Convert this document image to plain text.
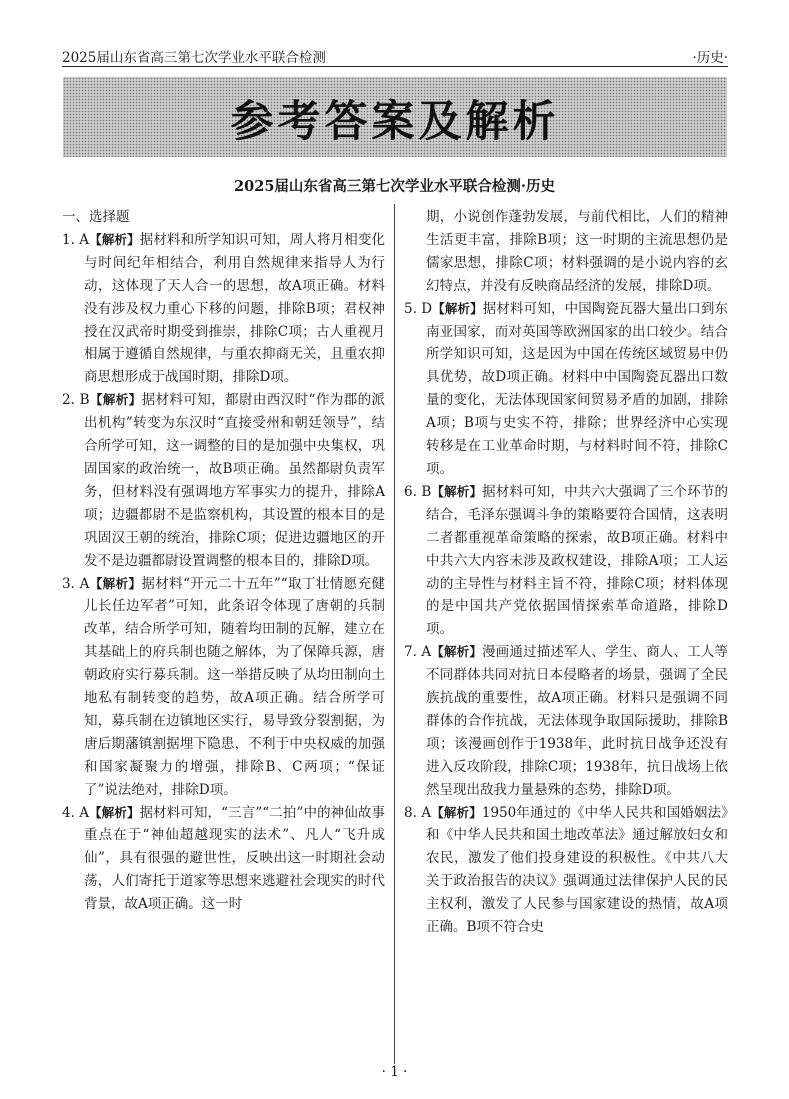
2025届山东省高三第七次学业水平联合检测	·历史·
参考答案及解析
2025届山东省高三第七次学业水平联合检测·历史

一、选择题

1. A【解析】据材料和所学知识可知，周人将月相变化与时间纪年相结合，利用自然规律来指导人为行动，这体现了天人合一的思想，故A项正确。材料没有涉及权力重心下移的问题，排除B项；君权神授在汉武帝时期受到推崇，排除C项；古人重视月相属于遵循自然规律，与重农抑商无关，且重农抑商思想形成于战国时期，排除D项。

2. B【解析】据材料可知，都尉由西汉时“作为郡的派出机构”转变为东汉时“直接受州和朝廷领导”，结合所学可知，这一调整的目的是加强中央集权，巩固国家的政治统一，故B项正确。虽然都尉负责军务，但材料没有强调地方军事实力的提升，排除A项；边疆都尉不是监察机构，其设置的根本目的是巩固汉王朝的统治，排除C项；促进边疆地区的开发不是边疆都尉设置调整的根本目的，排除D项。

3. A【解析】据材料“开元二十五年”“取丁壮情愿充健儿长任边军者”可知，此条诏令体现了唐朝的兵制改革，结合所学可知，随着均田制的瓦解，建立在其基础上的府兵制也随之解体，为了保障兵源，唐朝政府实行募兵制。这一举措反映了从均田制向土地私有制转变的趋势，故A项正确。结合所学可知，募兵制在边镇地区实行，易导致分裂割据，为唐后期藩镇割据埋下隐患，不利于中央权威的加强和国家凝聚力的增强，排除B、C两项；“保证了”说法绝对，排除D项。

4. A【解析】据材料可知，“三言”“二拍”中的神仙故事重点在于“神仙超越现实的法术”、凡人“飞升成仙”，具有很强的避世性，反映出这一时期社会动荡，人们寄托于道家等思想来逃避社会现实的时代背景，故A项正确。这一时

期，小说创作蓬勃发展，与前代相比，人们的精神生活更丰富，排除B项；这一时期的主流思想仍是儒家思想，排除C项；材料强调的是小说内容的玄幻特点，并没有反映商品经济的发展，排除D项。

5. D【解析】据材料可知，中国陶瓷瓦器大量出口到东南亚国家，而对英国等欧洲国家的出口较少。结合所学知识可知，这是因为中国在传统区域贸易中仍具优势，故D项正确。材料中中国陶瓷瓦器出口数量的变化，无法体现国家间贸易矛盾的加剧，排除A项；B项与史实不符，排除；世界经济中心实现转移是在工业革命时期，与材料时间不符，排除C项。

6. B【解析】据材料可知，中共六大强调了三个环节的结合，毛泽东强调斗争的策略要符合国情，这表明二者都重视革命策略的探索，故B项正确。材料中中共六大内容未涉及政权建设，排除A项；工人运动的主导性与材料主旨不符，排除C项；材料体现的是中国共产党依据国情探索革命道路，排除D项。

7. A【解析】漫画通过描述军人、学生、商人、工人等不同群体共同对抗日本侵略者的场景，强调了全民族抗战的重要性，故A项正确。材料只是强调不同群体的合作抗战，无法体现争取国际援助，排除B项；该漫画创作于1938年，此时抗日战争还没有进入反攻阶段，排除C项；1938年，抗日战场上依然呈现出敌我力量悬殊的态势，排除D项。

8. A【解析】1950年通过的《中华人民共和国婚姻法》和《中华人民共和国土地改革法》通过解放妇女和农民，激发了他们投身建设的积极性。《中共八大关于政治报告的决议》强调通过法律保护人民的民主权利，激发了人民参与国家建设的热情，故A项正确。B项不符合史

· 1 ·
